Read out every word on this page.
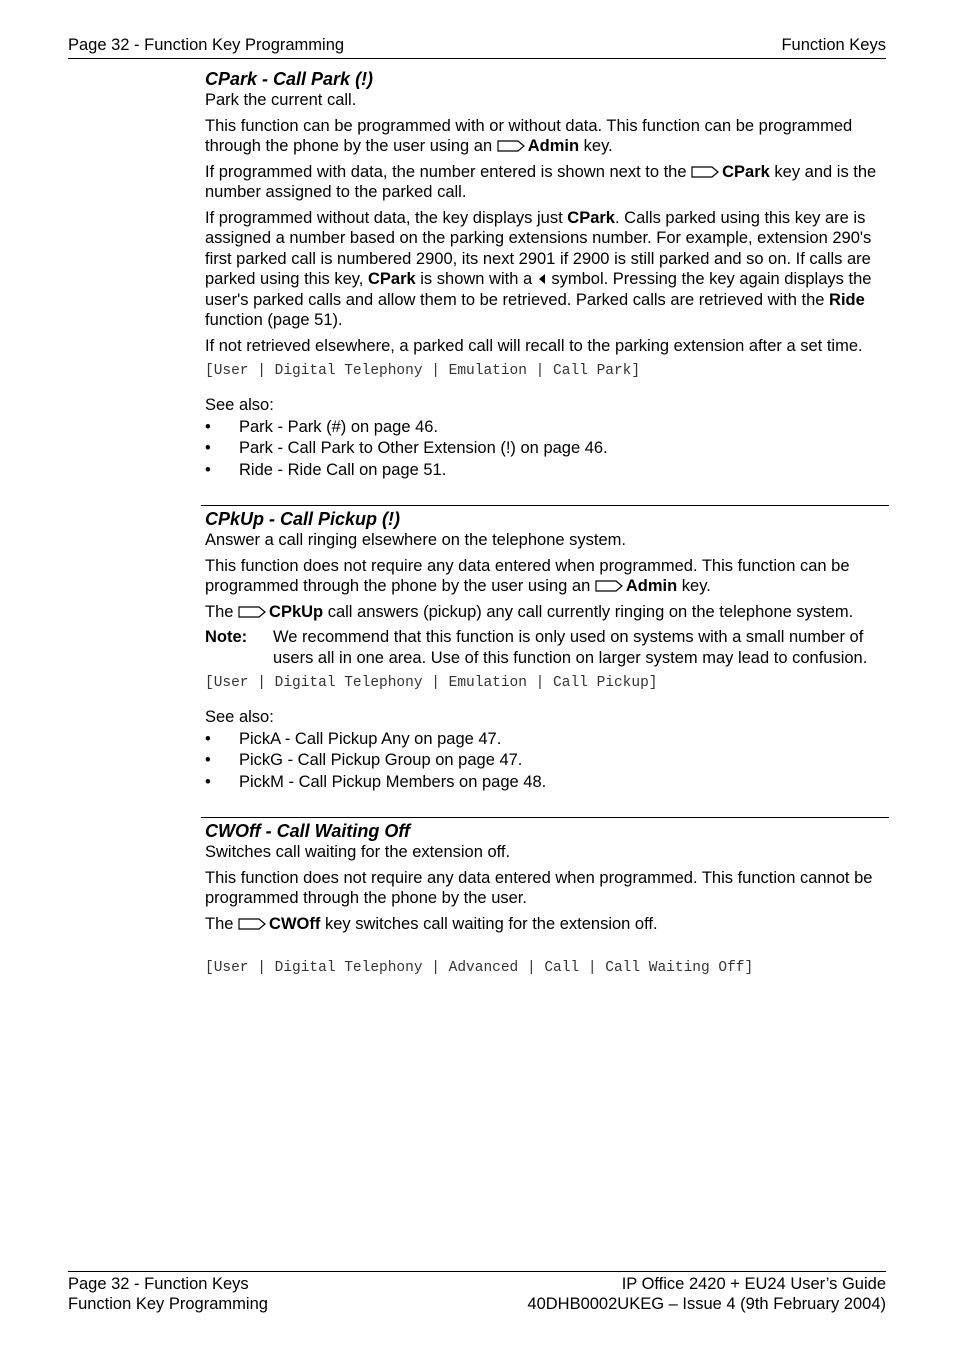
Page 32 - Function Key Programming	Function Keys
CPark - Call Park (!)

Park the current call.

This function can be programmed with or without data. This function can be programmed through the phone by the user using an Admin key.

If programmed with data, the number entered is shown next to the CPark key and is the number assigned to the parked call.

If programmed without data, the key displays just CPark. Calls parked using this key are is assigned a number based on the parking extensions number. For example, extension 290's first parked call is numbered 2900, its next 2901 if 2900 is still parked and so on. If calls are parked using this key, CPark is shown with a symbol. Pressing the key again displays the user's parked calls and allow them to be retrieved. Parked calls are retrieved with the Ride function (page 51).

If not retrieved elsewhere, a parked call will recall to the parking extension after a set time.

[User | Digital Telephony | Emulation | Call Park]

See also:

• Park - Park (#) on page 46.
• Park - Call Park to Other Extension (!) on page 46.
• Ride - Ride Call on page 51.
CPkUp - Call Pickup (!)

Answer a call ringing elsewhere on the telephone system.

This function does not require any data entered when programmed. This function can be programmed through the phone by the user using an Admin key.

The CPkUp call answers (pickup) any call currently ringing on the telephone system.

Note:	We recommend that this function is only used on systems with a small number of users all in one area. Use of this function on larger system may lead to confusion.
[User | Digital Telephony | Emulation | Call Pickup]

See also:

• PickA - Call Pickup Any on page 47.
• PickG - Call Pickup Group on page 47.
• PickM - Call Pickup Members on page 48.
CWOff - Call Waiting Off

Switches call waiting for the extension off.

This function does not require any data entered when programmed. This function cannot be programmed through the phone by the user.

The CWOff key switches call waiting for the extension off.

[User | Digital Telephony | Advanced | Call | Call Waiting Off]
Page 32 - Function Keys
Function Key Programming
IP Office 2420 + EU24 User’s Guide
40DHB0002UKEG – Issue 4 (9th February 2004)
